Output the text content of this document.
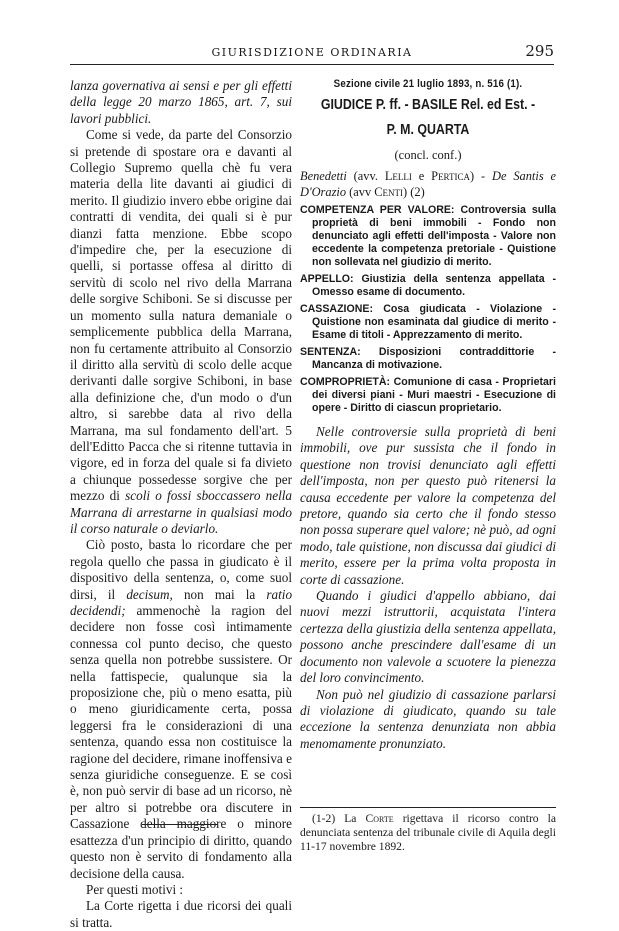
GIURISDIZIONE ORDINARIA	295

lanza governativa ai sensi e per gli effetti della legge 20 marzo 1865, art. 7, sui lavori pubblici.

Come si vede, da parte del Consorzio si pretende di spostare ora e davanti al Collegio Supremo quella chè fu vera materia della lite davanti ai giudici di merito. Il giudizio invero ebbe origine dai contratti di vendita, dei quali si è pur dianzi fatta menzione. Ebbe scopo d'impedire che, per la esecuzione di quelli, si portasse offesa al diritto di servitù di scolo nel rivo della Marrana delle sorgive Schiboni. Se si discusse per un momento sulla natura demaniale o semplicemente pubblica della Marrana, non fu certamente attribuito al Consorzio il diritto alla servitù di scolo delle acque derivanti dalle sorgive Schiboni, in base alla definizione che, d'un modo o d'un altro, si sarebbe data al rivo della Marrana, ma sul fondamento dell'art. 5 dell'Editto Pacca che si ritenne tuttavia in vigore, ed in forza del quale si fa divieto a chiunque possedesse sorgive che per mezzo di scoli o fossi sboccassero nella Marrana di arrestarne in qualsiasi modo il corso naturale o deviarlo.

Ciò posto, basta lo ricordare che per regola quello che passa in giudicato è il dispositivo della sentenza, o, come suol dirsi, il decisum, non mai la ratio decidendi; ammenochè la ragion del decidere non fosse così intimamente connessa col punto deciso, che questo senza quella non potrebbe sussistere. Or nella fattispecie, qualunque sia la proposizione che, più o meno esatta, più o meno giuridicamente certa, possa leggersi fra le considerazioni di una sentenza, quando essa non costituisce la ragione del decidere, rimane inoffensiva e senza giuridiche conseguenze. E se così è, non può servir di base ad un ricorso, nè per altro si potrebbe ora discutere in Cassazione della maggiore o minore esattezza d'un principio di diritto, quando questo non è servito di fondamento alla decisione della causa.

Per questi motivi :

La Corte rigetta i due ricorsi dei quali si tratta.

Sezione civile 21 luglio 1893, n. 516 (1).
GIUDICE P. ff. - BASILE Rel. ed Est. -
P. M. QUARTA
(concl. conf.)
Benedetti (avv. Lelli e Pertica) - De Santis e D'Orazio (avv Centi) (2)
COMPETENZA PER VALORE: Controversia sulla proprietà di beni immobili - Fondo non denunciato agli effetti dell'imposta - Valore non eccedente la competenza pretoriale - Quistione non sollevata nel giudizio di merito.
APPELLO: Giustizia della sentenza appellata - Omesso esame di documento.
CASSAZIONE: Cosa giudicata - Violazione - Quistione non esaminata dal giudice di merito - Esame di titoli - Apprezzamento di merito.
SENTENZA: Disposizioni contraddittorie - Mancanza di motivazione.
COMPROPRIETÀ: Comunione di casa - Proprietari dei diversi piani - Muri maestri - Esecuzione di opere - Diritto di ciascun proprietario.

Nelle controversie sulla proprietà di beni immobili, ove pur sussista che il fondo in questione non trovisi denunciato agli effetti dell'imposta, non per questo può ritenersi la causa eccedente per valore la competenza del pretore, quando sia certo che il fondo stesso non possa superare quel valore; nè può, ad ogni modo, tale quistione, non discussa dai giudici di merito, essere per la prima volta proposta in corte di cassazione.

Quando i giudici d'appello abbiano, dai nuovi mezzi istruttorii, acquistata l'intera certezza della giustizia della sentenza appellata, possono anche prescindere dall'esame di un documento non valevole a scuotere la pienezza del loro convincimento.

Non può nel giudizio di cassazione parlarsi di violazione di giudicato, quando su tale eccezione la sentenza denunziata non abbia menomamente pronunziato.

(1-2) La Corte rigettava il ricorso contro la denunciata sentenza del tribunale civile di Aquila degli 11-17 novembre 1892.
